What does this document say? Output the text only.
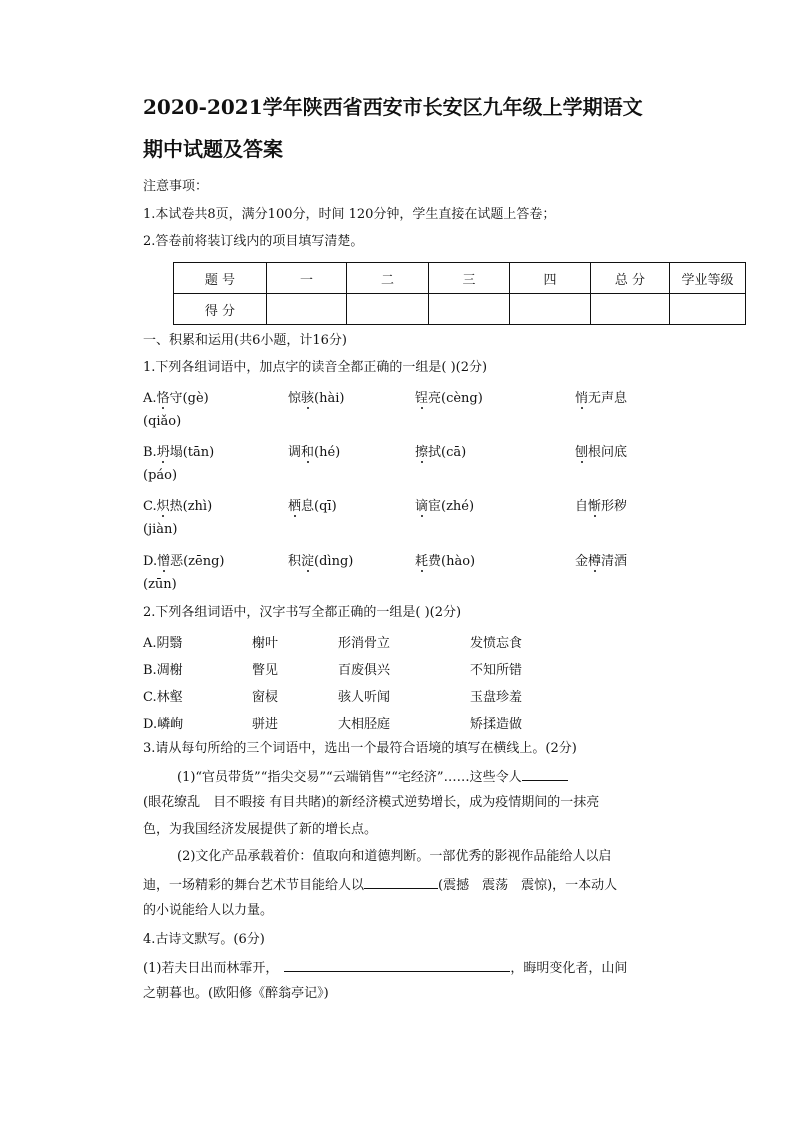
2020-2021学年陕西省西安市长安区九年级上学期语文
期中试题及答案
注意事项：
1.本试卷共8页，满分100分，时间 120分钟，学生直接在试题上答卷；
2.答卷前将装订线内的项目填写清楚。
题 号	一	二	三	四	总 分	学业等级
得 分						
一、积累和运用(共6小题，计16分)
1.下列各组词语中，加点字的读音全都正确的一组是( )(2分)
A.恪守(gè)	惊骇(hài)	锃亮(cèng)	悄无声息
(qiǎo)
B.坍塌(tān)	调和(hé)	擦拭(cā)	刨根问底
(páo)
C.炽热(zhì)	栖息(qī)	谪宦(zhé)	自惭形秽
(jiàn)
D.憎恶(zēng)	积淀(dìng)	耗费(hào)	金樽清酒
(zūn)
2.下列各组词语中，汉字书写全都正确的一组是( )(2分)
A.阴翳	榭叶	形消骨立	发愤忘食
B.凋榭	瞥见	百废俱兴	不知所错
C.林壑	窗棂	骇人听闻	玉盘珍羞
D.嶙峋	骈进	大相胫庭	矫揉造做
3.请从每句所给的三个词语中，选出一个最符合语境的填写在横线上。(2分)
(1)“官员带货”“指尖交易”“云端销售”“宅经济”……这些令人
(眼花缭乱　目不暇接 有目共睹)的新经济模式逆势增长，成为疫情期间的一抹亮
色，为我国经济发展提供了新的增长点。
(2)文化产品承载着价：值取向和道德判断。一部优秀的影视作品能给人以启
迪，一场精彩的舞台艺术节目能给人以	(震撼　震荡　震惊)，一本动人
的小说能给人以力量。
4.古诗文默写。(6分)
(1)若夫日出而林霏开，	，晦明变化者，山间
之朝暮也。(欧阳修《醉翁亭记》)
